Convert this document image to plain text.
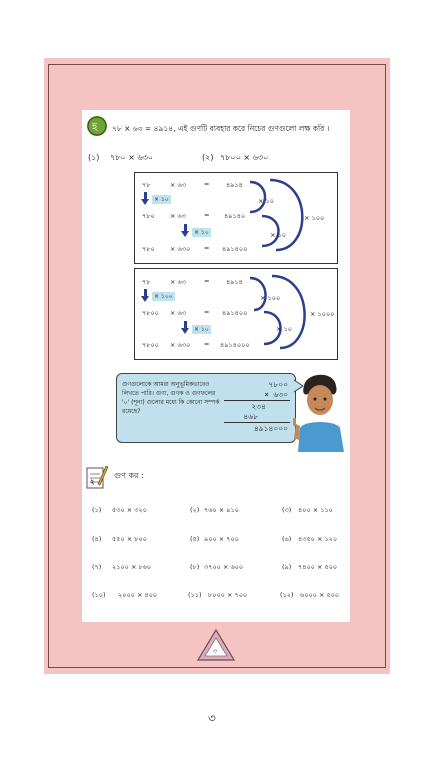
হ ৭৮ × ৬৩ = ৪৯১৪, এই গুণটি ব্যবহার করে নিচের গুণগুলো লক্ষ করি ।
(১) ৭৮০ × ৬৩০	(২) ৭৮০০ × ৬৩০
৭৮	× ৬৩	=	৪৯১৪
× ১০
৭৮০ × ৬৩	= ৪৯১৪০
× ১০
৭৮০ × ৬৩০ = ৪৯১৪০০
× ১০
× ১০
× ১০০
৭৮	× ৬৩	=	৪৯১৪
× ১০০
৭৮০০ × ৬৩	= ৪৯১৪০০
× ১০
৭৮০০ × ৬৩০ = ৪৯১৪০০০
× ১০০
× ১০
× ১০০০
গুণগুলোকে আমরা অনুভূমিকভাবেও লিখতে পারি। গুণ্য, গুণক ও গুণফলের '০' (শূন্য) গুলোর মধ্যে কি কোনো সম্পর্ক রয়েছে?
৭৮০০
× ৬৩০
২৩৪
৪৬৮
৪৯১৪০০০
২
গুণ কর :
(১) ৫৩০ × ৩২০	(২) ৭৬০ × ৯১০	(৩) ৪০০ × ১১০
(৪) ৫৫০ × ৮০০	(৫) ৯০০ × ৭০০	(৬) ৪৩৫০ × ১২০
(৭) ২১০০ × ৮৬০	(৮) ৩৭০০ × ৬০০	(৯) ৭৪০০ × ৫০০
(১০) ২০০০ × ৪০০	(১১) ৮০০০ × ৭০০	(১২) ৬০০০ × ৫০০
৩
৩
